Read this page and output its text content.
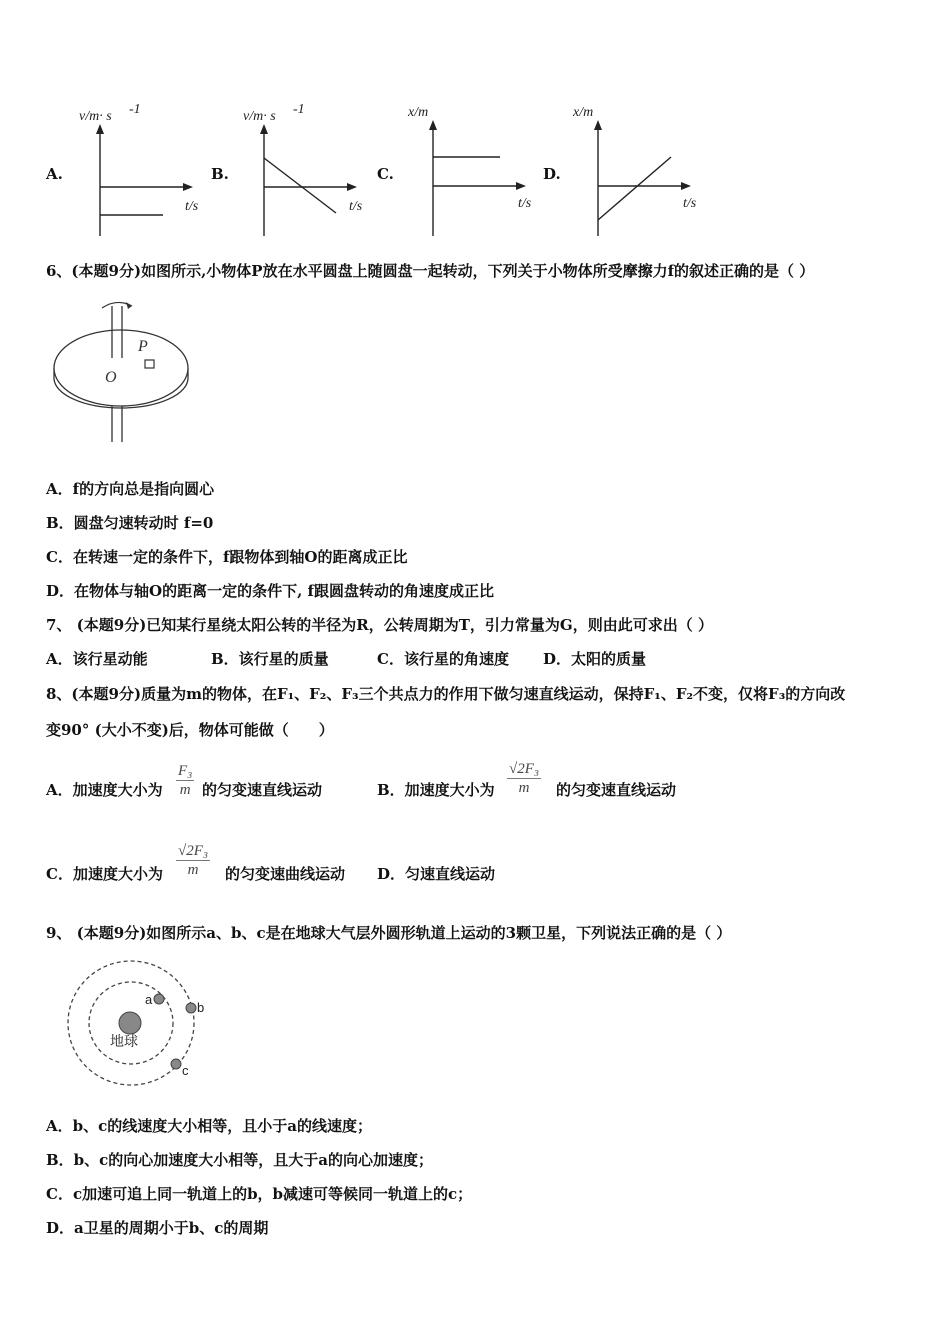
A.
v/m· s -1
t/s
B.
v/m· s -1
t/s
C.
x/m
t/s
D.
x/m
t/s
6、(本题9分)如图所示,小物体P放在水平圆盘上随圆盘一起转动，下列关于小物体所受摩擦力f的叙述正确的是（ ）
P
O
A．f的方向总是指向圆心
B．圆盘匀速转动时 f=0
C．在转速一定的条件下，f跟物体到轴O的距离成正比
D．在物体与轴O的距离一定的条件下, f跟圆盘转动的角速度成正比
7、 (本题9分)已知某行星绕太阳公转的半径为R，公转周期为T，引力常量为G，则由此可求出（ ）
A．该行星动能	B．该行星的质量	C．该行星的角速度 D．太阳的质量
8、(本题9分)质量为m的物体，在F₁、F₂、F₃三个共点力的作用下做匀速直线运动，保持F₁、F₂不变，仅将F₃的方向改
变90° (大小不变)后，物体可能做（　　）
A．加速度大小为 $\frac{\text{F₃}}{m}$ 的匀变速直线运动	B．加速度大小为 $\frac{\text{√2F₃}}{m}$ 的匀变速直线运动
C．加速度大小为 $\frac{\text{√2F₃}}{m}$ 的匀变速曲线运动 D．匀速直线运动
9、 (本题9分)如图所示a、b、c是在地球大气层外圆形轨道上运动的3颗卫星，下列说法正确的是（ ）
地球
a
b
c
A．b、c的线速度大小相等，且小于a的线速度；
B．b、c的向心加速度大小相等，且大于a的向心加速度；
C．c加速可追上同一轨道上的b，b减速可等候同一轨道上的c；
D．a卫星的周期小于b、c的周期
